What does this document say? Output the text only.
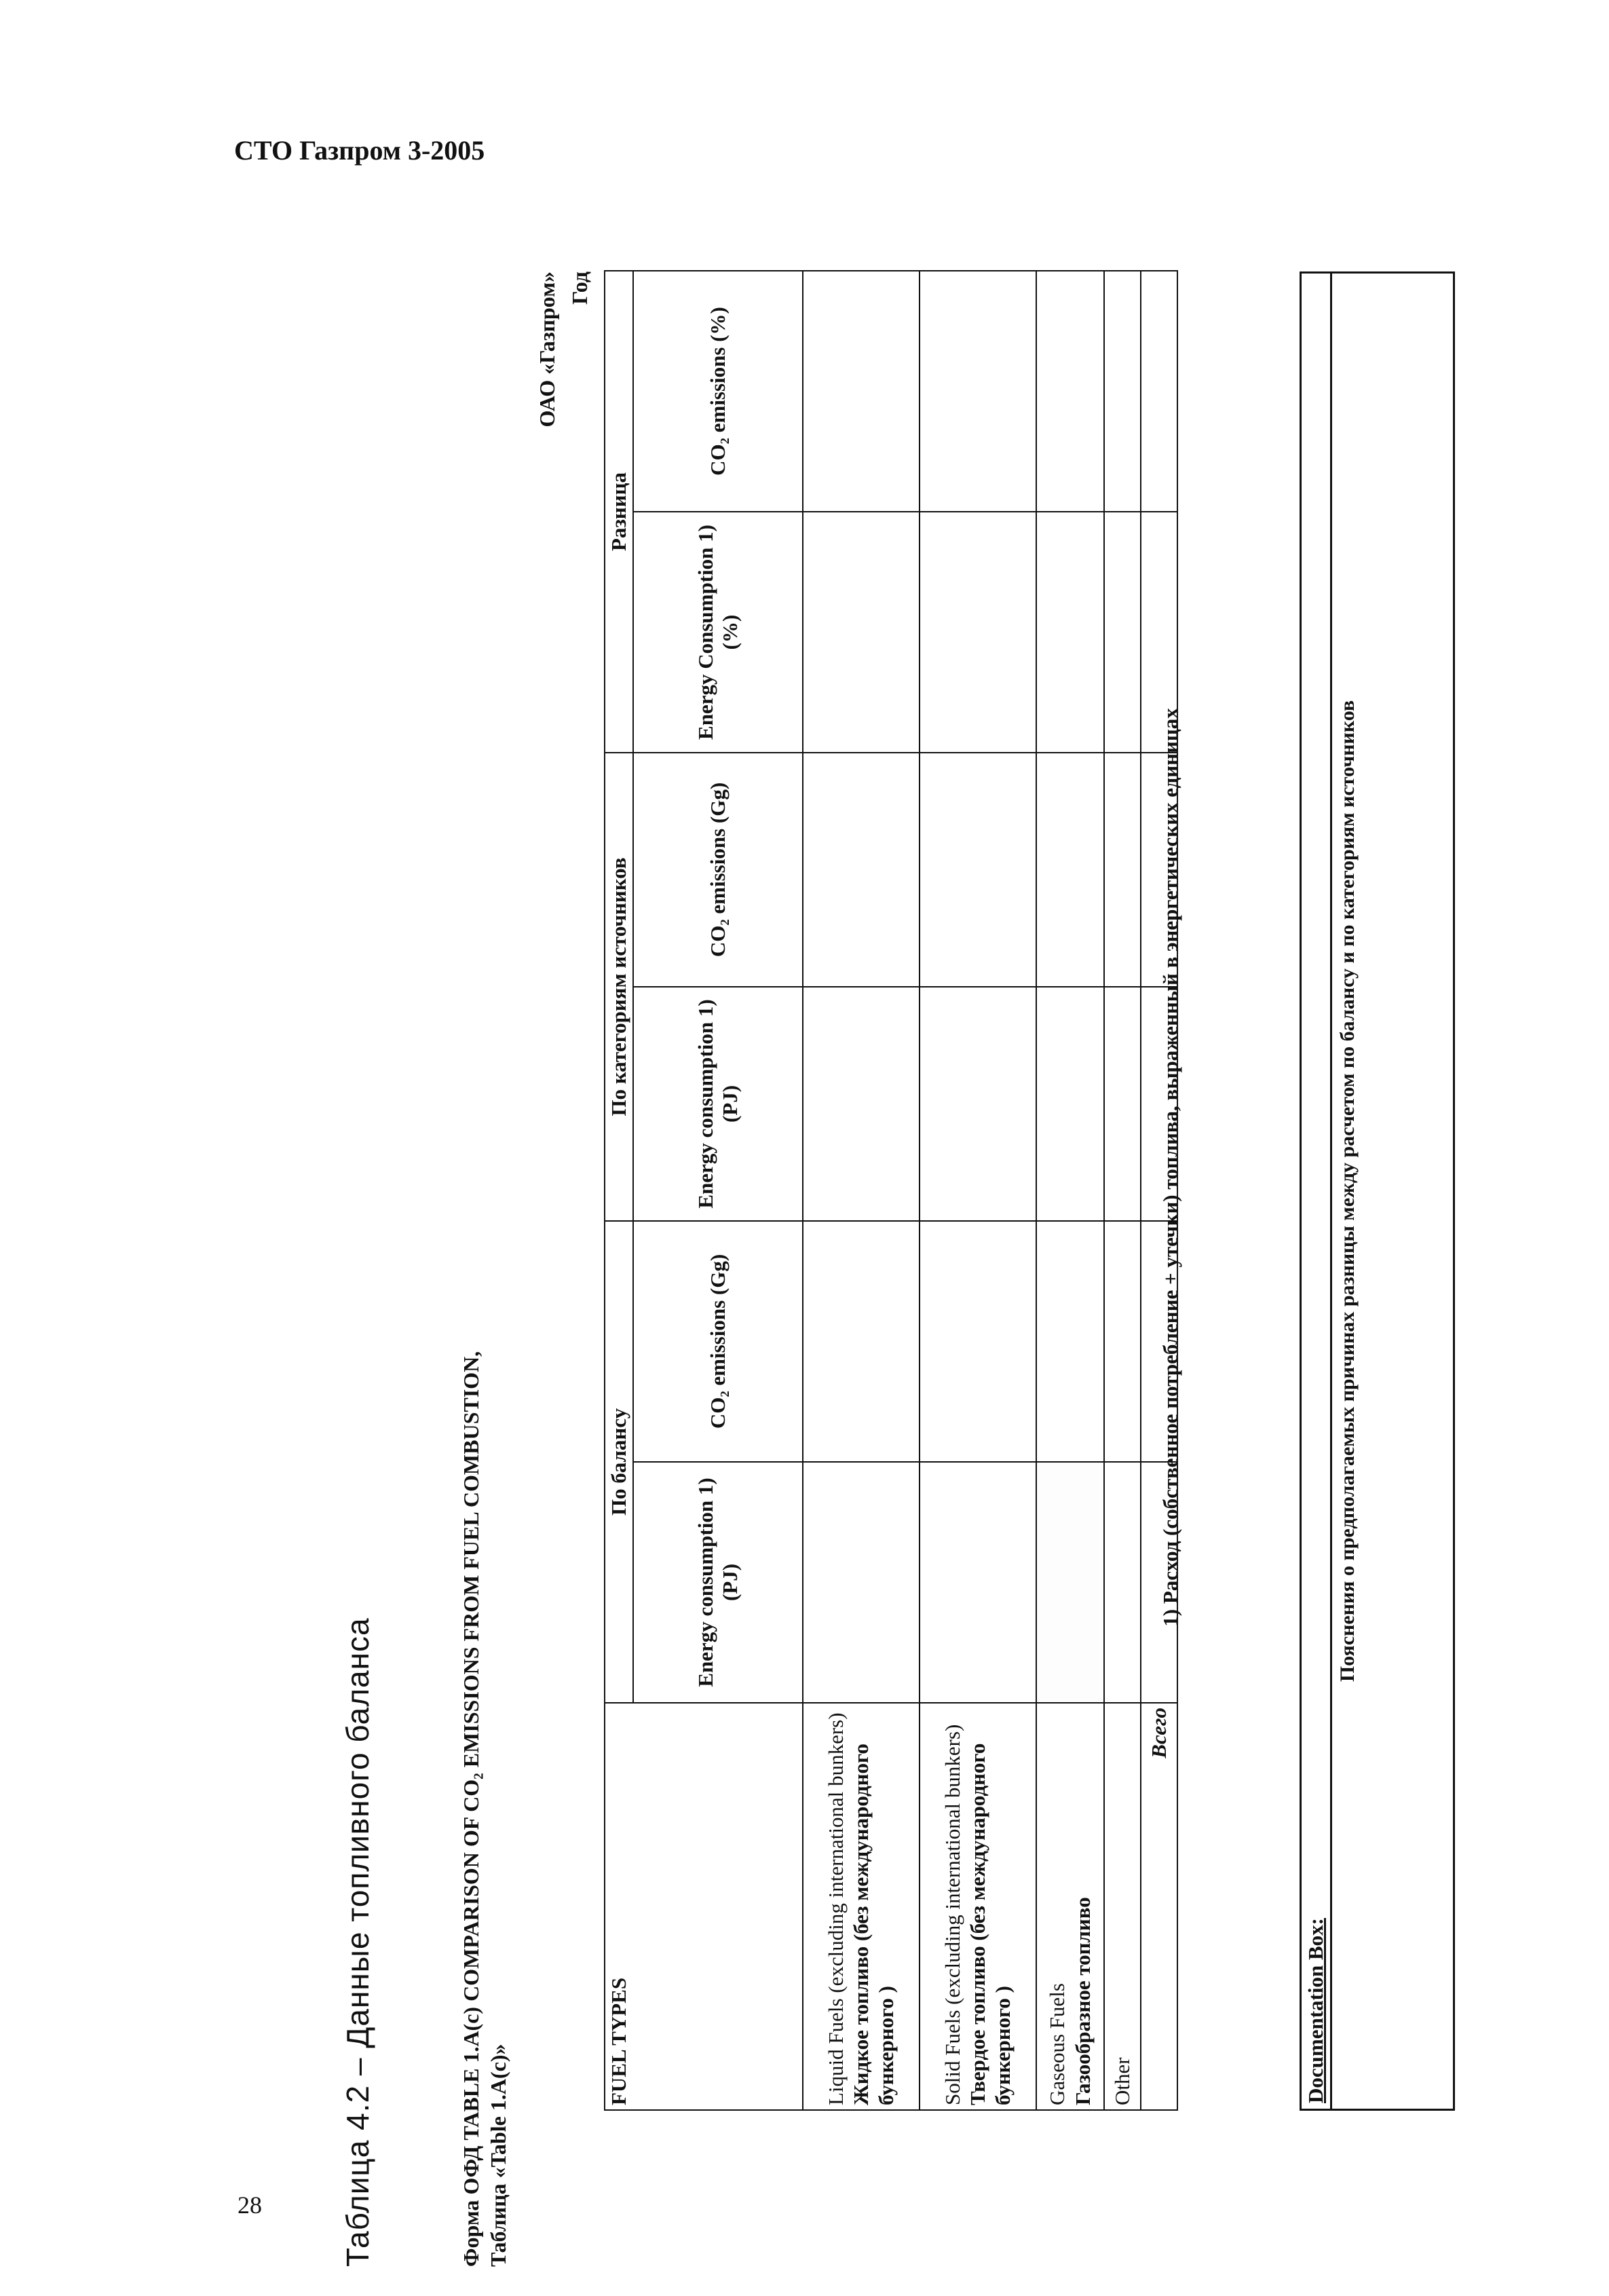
СТО Газпром 3-2005
28	Таблица 4.2 – Данные топливного баланса	Форма ОФД TABLE 1.A(c) COMPARISON OF CO₂ EMISSIONS FROM FUEL COMBUSTION, Таблица «Table 1.A(c)»
ОАО «Газпром» Год
FUEL TYPES	По балансу		По категориям источников		Разница	
	Energy consumption 1) (PJ)	CO₂ emissions (Gg)	Energy consumption 1) (PJ)	CO₂ emissions (Gg)	Energy Consumption 1) (%)	CO₂ emissions (%)

Liquid Fuels (excluding international bunkers) Жидкое топливо (без международного бункерного )						

Solid Fuels (excluding international bunkers) Твердое топливо (без международного бункерного )						

Gaseous Fuels Газообразное топливо						

Other						

Всего						
1) Расход (собственное потребление + утечки) топлива, выраженный в энергетических единицах
Documentation Box:
Пояснения о предполагаемых причинах разницы между расчетом по балансу и по категориям источников
